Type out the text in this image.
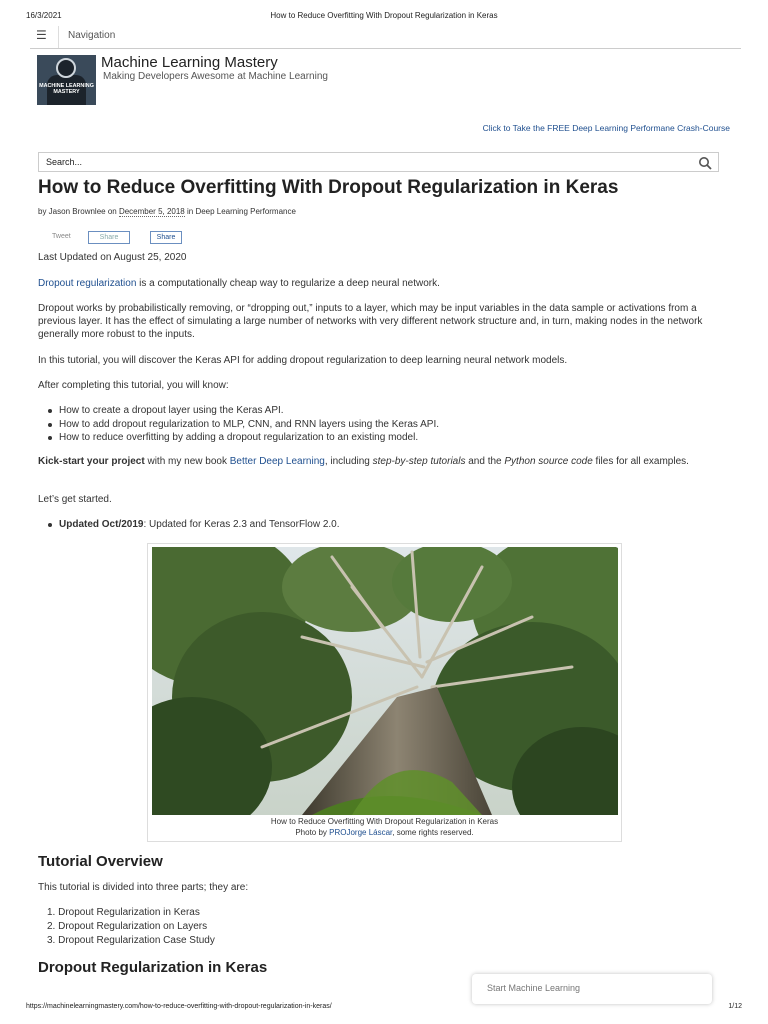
16/3/2021	How to Reduce Overfitting With Dropout Regularization in Keras
☰ Navigation
MACHINE LEARNING MASTERY
Machine Learning Mastery
Making Developers Awesome at Machine Learning
Click to Take the FREE Deep Learning Performane Crash-Course
Search...
How to Reduce Overfitting With Dropout Regularization in Keras
by Jason Brownlee on December 5, 2018 in Deep Learning Performance
Tweet	Share	Share
Last Updated on August 25, 2020
Dropout regularization is a computationally cheap way to regularize a deep neural network.
Dropout works by probabilistically removing, or “dropping out,” inputs to a layer, which may be input variables in the data sample or activations from a previous layer. It has the effect of simulating a large number of networks with very different network structure and, in turn, making nodes in the network generally more robust to the inputs.
In this tutorial, you will discover the Keras API for adding dropout regularization to deep learning neural network models.
After completing this tutorial, you will know:
How to create a dropout layer using the Keras API.
How to add dropout regularization to MLP, CNN, and RNN layers using the Keras API.
How to reduce overfitting by adding a dropout regularization to an existing model.
Kick-start your project with my new book Better Deep Learning, including step-by-step tutorials and the Python source code files for all examples.
Let’s get started.
Updated Oct/2019: Updated for Keras 2.3 and TensorFlow 2.0.
How to Reduce Overfitting With Dropout Regularization in Keras
Photo by PROJorge Láscar, some rights reserved.
Tutorial Overview
This tutorial is divided into three parts; they are:
1. Dropout Regularization in Keras
2. Dropout Regularization on Layers
3. Dropout Regularization Case Study
Dropout Regularization in Keras
Start Machine Learning
https://machinelearningmastery.com/how-to-reduce-overfitting-with-dropout-regularization-in-keras/	1/12
